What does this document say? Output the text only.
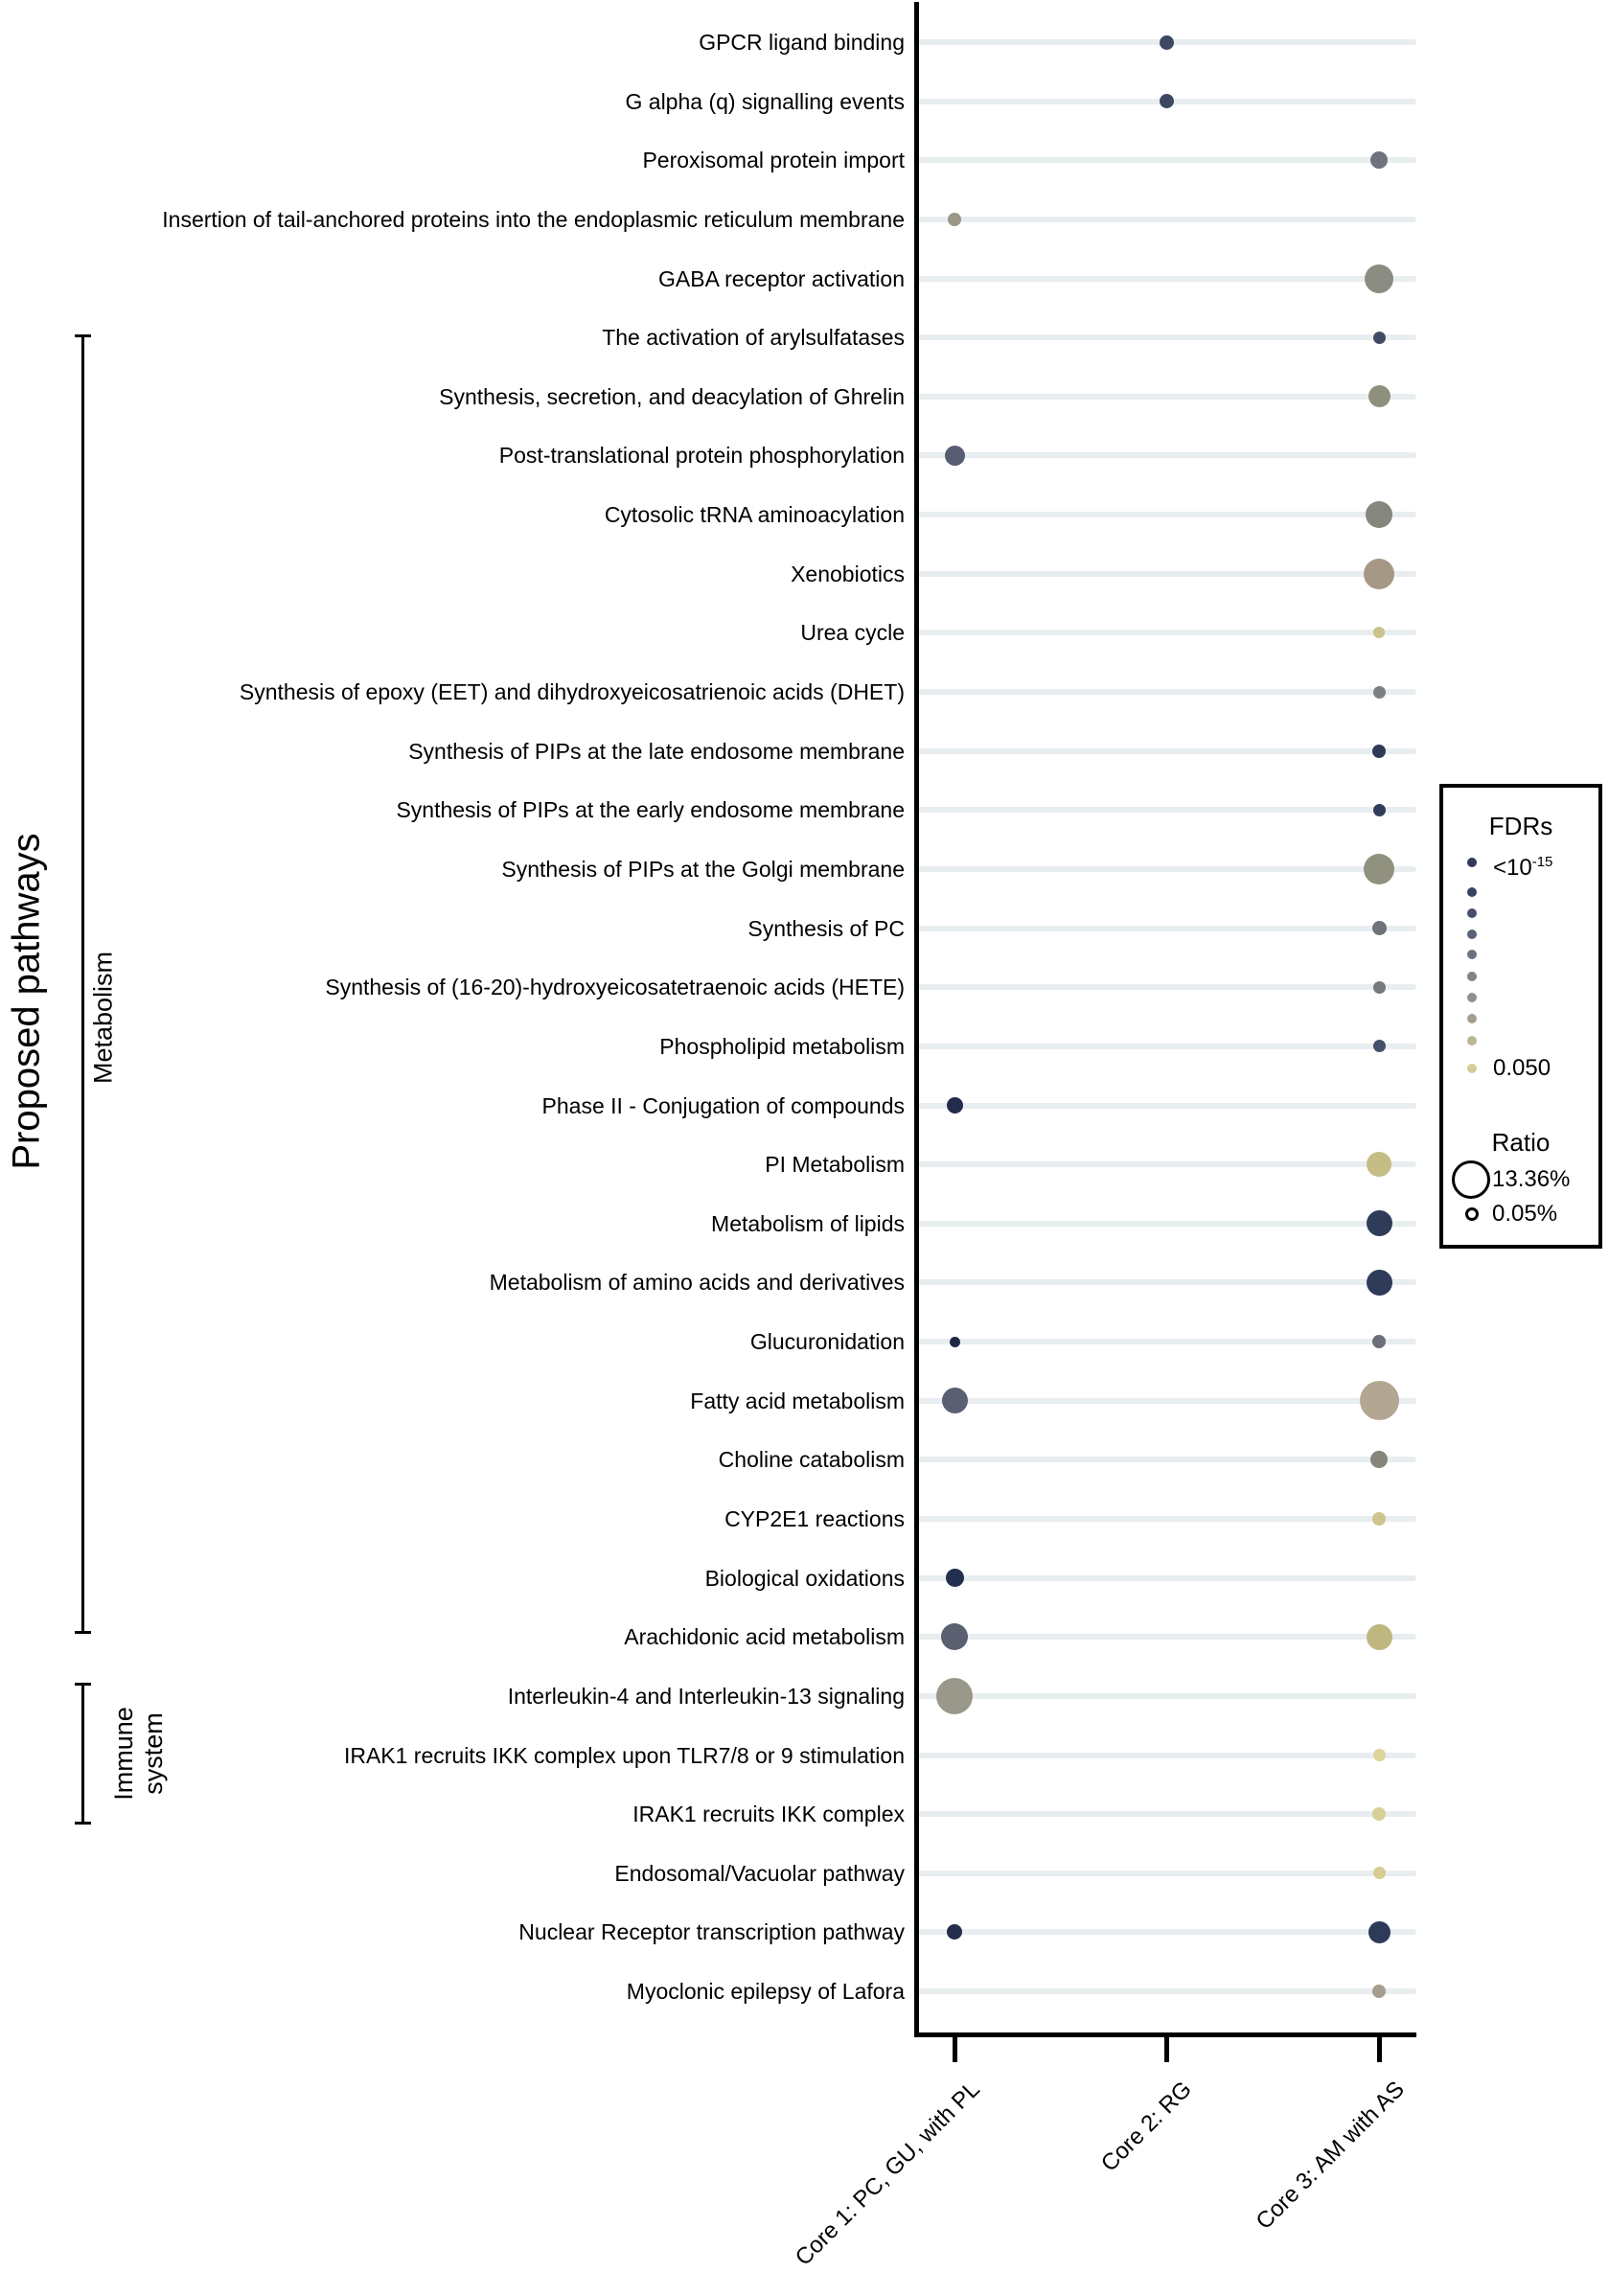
Proposed pathways Metabolism
Immune system
GPCR ligand binding
G alpha (q) signalling events
Peroxisomal protein import
Insertion of tail-anchored proteins into the endoplasmic reticulum membrane
GABA receptor activation
The activation of arylsulfatases
Synthesis, secretion, and deacylation of Ghrelin
Post-translational protein phosphorylation
Cytosolic tRNA aminoacylation
Xenobiotics
Urea cycle
Synthesis of epoxy (EET) and dihydroxyeicosatrienoic acids (DHET)
Synthesis of PIPs at the late endosome membrane
Synthesis of PIPs at the early endosome membrane
Synthesis of PIPs at the Golgi membrane
Synthesis of PC
Synthesis of (16-20)-hydroxyeicosatetraenoic acids (HETE)
Phospholipid metabolism
Phase II - Conjugation of compounds
PI Metabolism
Metabolism of lipids
Metabolism of amino acids and derivatives
Glucuronidation
Fatty acid metabolism
Choline catabolism
CYP2E1 reactions
Biological oxidations
Arachidonic acid metabolism
Interleukin-4 and Interleukin-13 signaling
IRAK1 recruits IKK complex upon TLR7/8 or 9 stimulation
IRAK1 recruits IKK complex
Endosomal/Vacuolar pathway
Nuclear Receptor transcription pathway
Myoclonic epilepsy of Lafora
Core 1: PC, GU, with PL	Core 2: RG	Core 3: AM with AS
FDRs
$<10^{-15}$
0.050
Ratio
13.36%
0.05%
